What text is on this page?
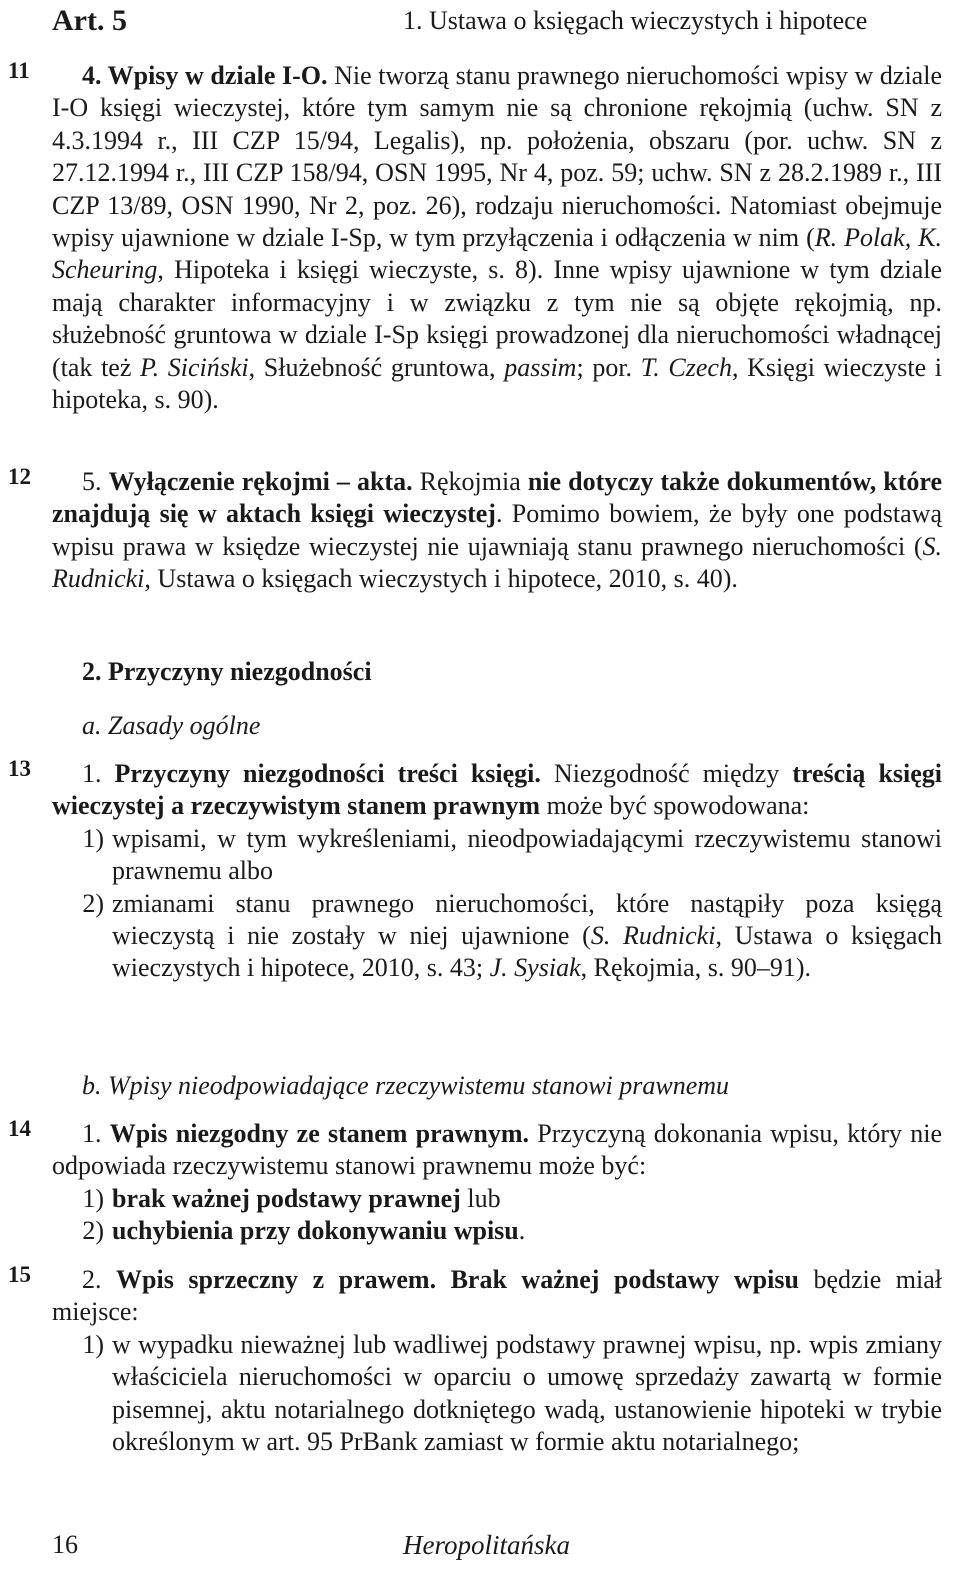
Art. 5	1. Ustawa o księgach wieczystych i hipotece
11
12
13
14
15

4. Wpisy w dziale I-O. Nie tworzą stanu prawnego nieruchomości wpisy w dziale I-O księgi wieczystej, które tym samym nie są chronione rękojmią (uchw. SN z 4.3.1994 r., III CZP 15/94, Legalis), np. położenia, obszaru (por. uchw. SN z 27.12.1994 r., III CZP 158/94, OSN 1995, Nr 4, poz. 59; uchw. SN z 28.2.1989 r., III CZP 13/89, OSN 1990, Nr 2, poz. 26), rodzaju nieruchomości. Natomiast obejmuje wpisy ujawnione w dziale I-Sp, w tym przyłączenia i odłączenia w nim (R. Polak, K. Scheuring, Hipoteka i księgi wieczyste, s. 8). Inne wpisy ujawnione w tym dziale mają charakter informacyjny i w związku z tym nie są objęte rękojmią, np. służebność gruntowa w dziale I-Sp księgi prowadzonej dla nieruchomości władnącej (tak też P. Siciński, Służebność gruntowa, passim; por. T. Czech, Księgi wieczyste i hipoteka, s. 90).

5. Wyłączenie rękojmi – akta. Rękojmia nie dotyczy także dokumentów, które znajdują się w aktach księgi wieczystej. Pomimo bowiem, że były one podstawą wpisu prawa w księdze wieczystej nie ujawniają stanu prawnego nieruchomości (S. Rudnicki, Ustawa o księgach wieczystych i hipotece, 2010, s. 40).

2. Przyczyny niezgodności

a. Zasady ogólne

1. Przyczyny niezgodności treści księgi. Niezgodność między treścią księgi wieczystej a rzeczywistym stanem prawnym może być spowodowana:

1) wpisami, w tym wykreśleniami, nieodpowiadającymi rzeczywistemu stanowi prawnemu albo
2) zmianami stanu prawnego nieruchomości, które nastąpiły poza księgą wieczystą i nie zostały w niej ujawnione (S. Rudnicki, Ustawa o księgach wieczystych i hipotece, 2010, s. 43; J. Sysiak, Rękojmia, s. 90–91).

b. Wpisy nieodpowiadające rzeczywistemu stanowi prawnemu

1. Wpis niezgodny ze stanem prawnym. Przyczyną dokonania wpisu, który nie odpowiada rzeczywistemu stanowi prawnemu może być:

1) brak ważnej podstawy prawnej lub
2) uchybienia przy dokonywaniu wpisu.

2. Wpis sprzeczny z prawem. Brak ważnej podstawy wpisu będzie miał miejsce:

1) w wypadku nieważnej lub wadliwej podstawy prawnej wpisu, np. wpis zmiany właściciela nieruchomości w oparciu o umowę sprzedaży zawartą w formie pisemnej, aktu notarialnego dotkniętego wadą, ustanowienie hipoteki w trybie określonym w art. 95 PrBank zamiast w formie aktu notarialnego;
16	Heropolitańska
